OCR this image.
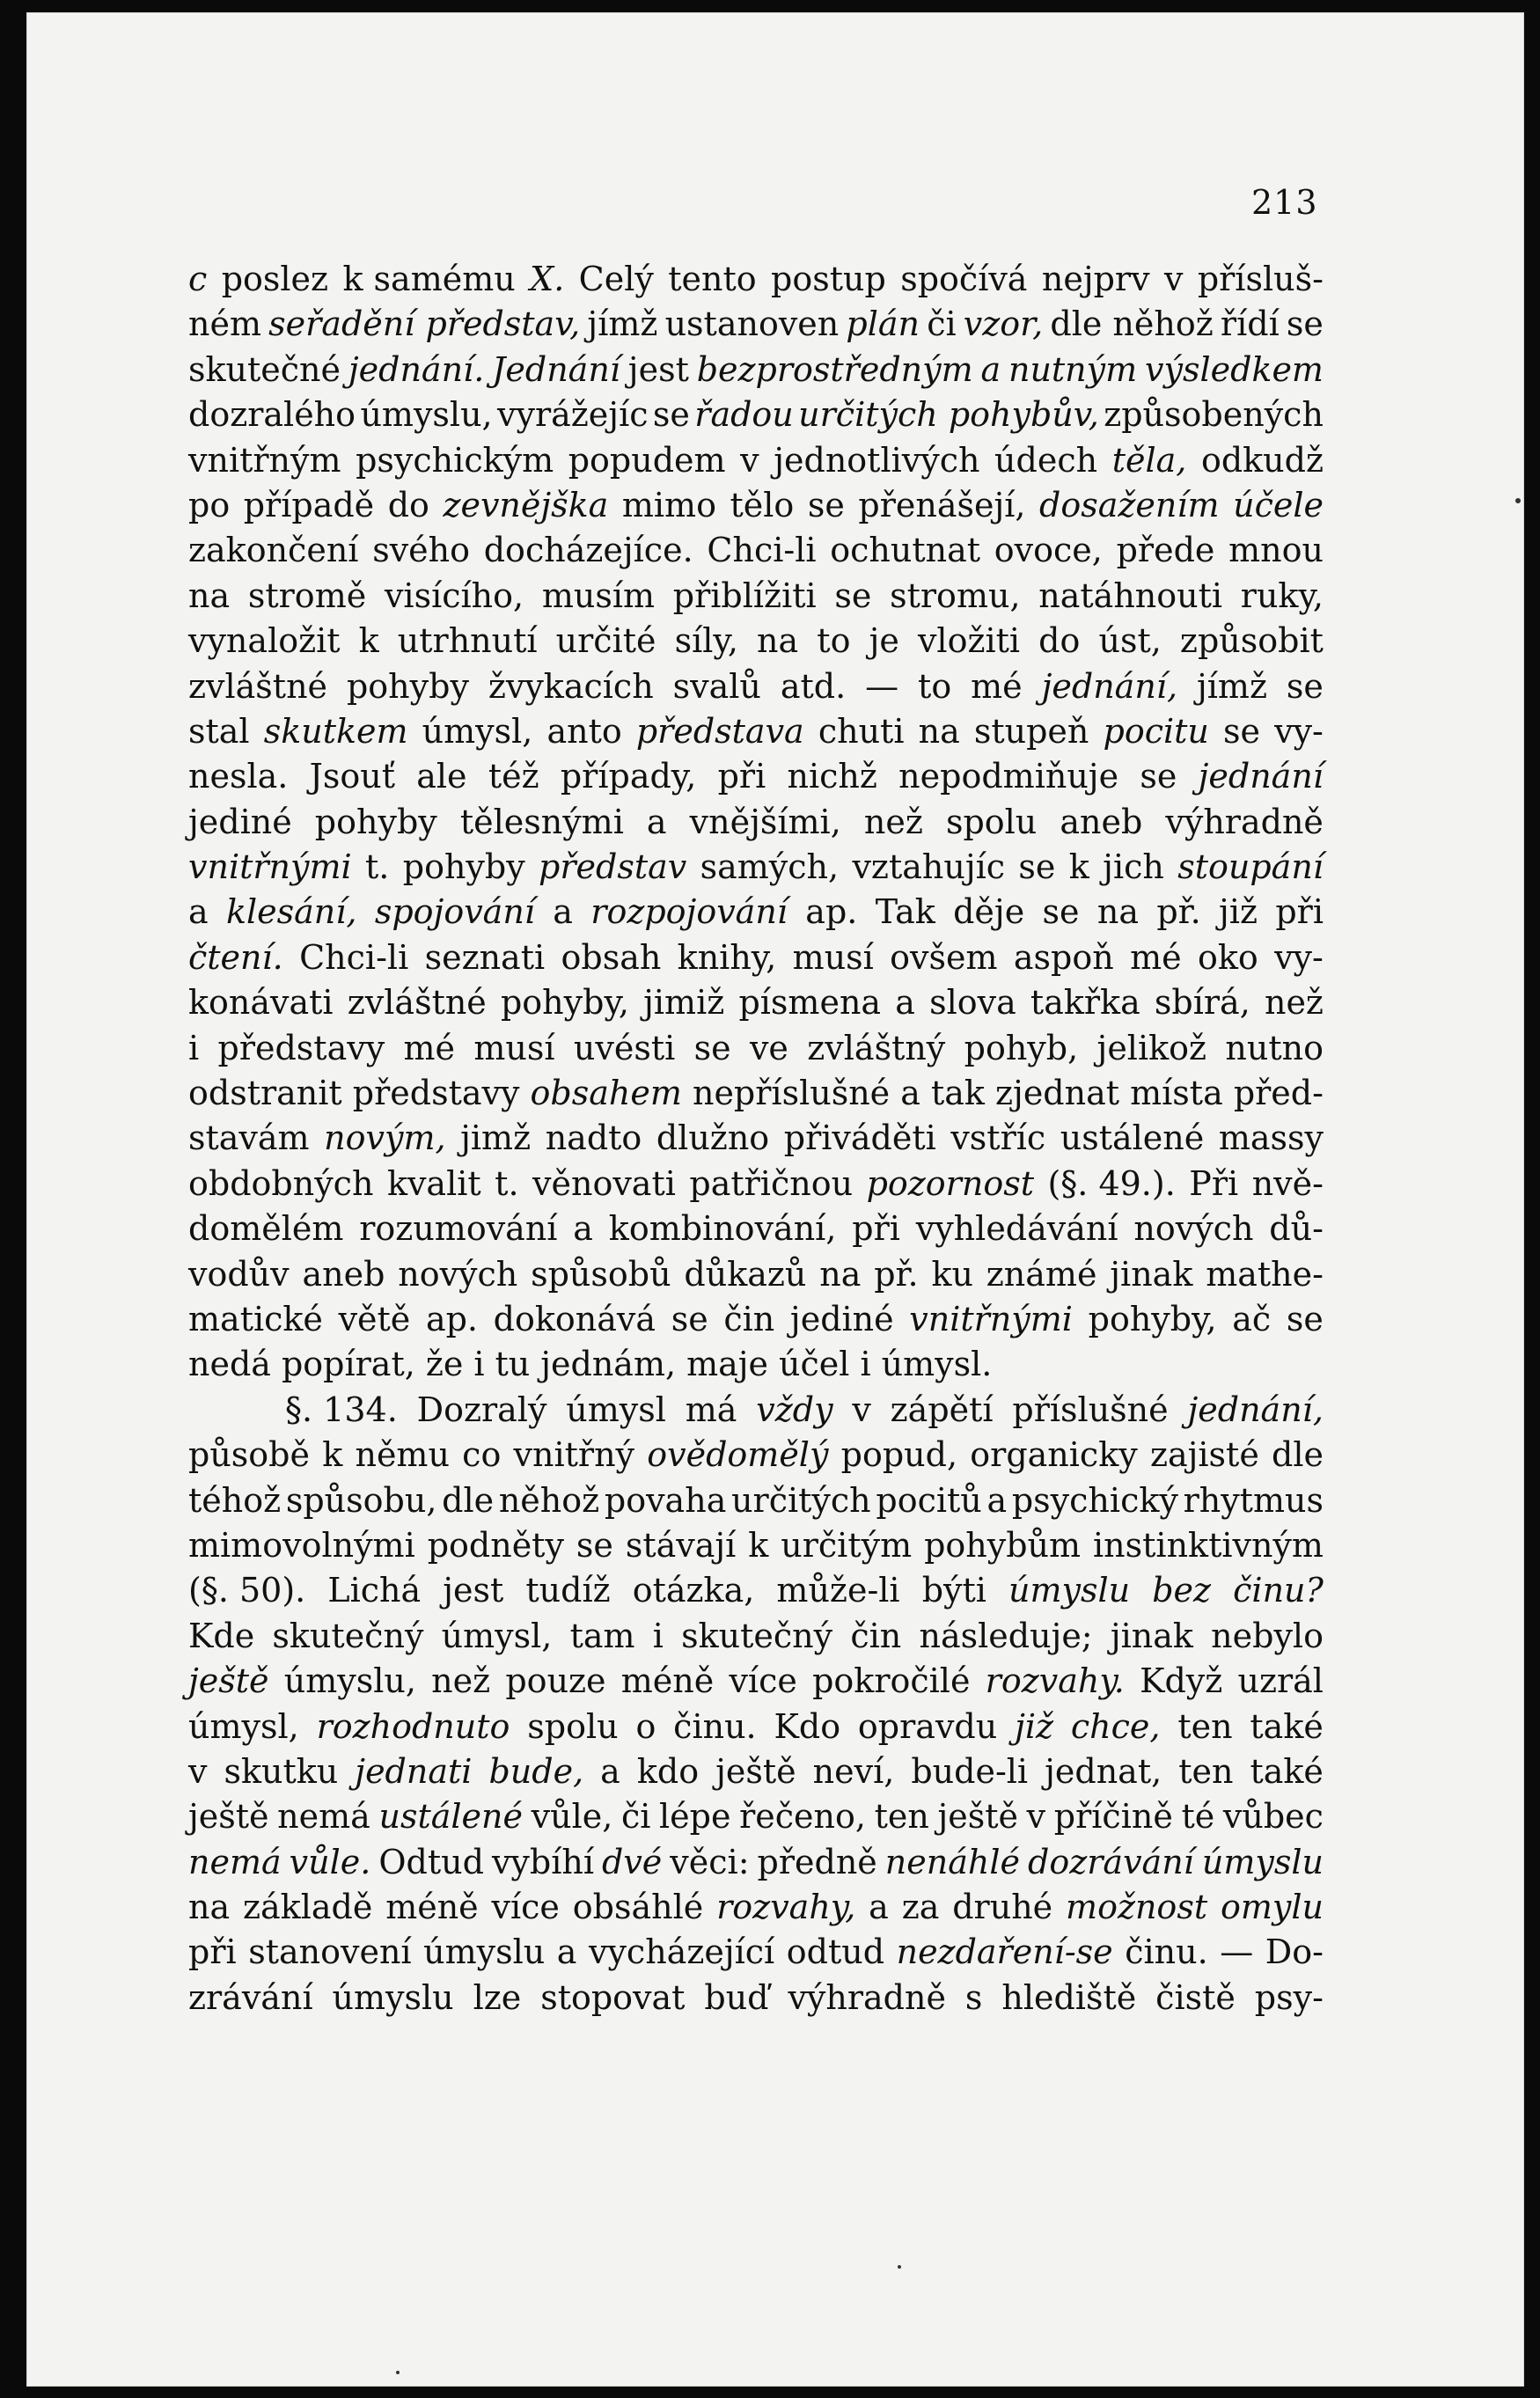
213
c poslez k samému X. Celý tento postup spočívá nejprv v přísluš-
ném seřadění představ, jímž ustanoven plán či vzor, dle něhož řídí se
skutečné jednání. Jednání jest bezprostředným a nutným výsledkem
dozralého úmyslu, vyrážejíc se řadou určitých pohybův, způsobených
vnitřným psychickým popudem v jednotlivých údech těla, odkudž
po případě do zevnějška mimo tělo se přenášejí, dosažením účele
zakončení svého docházejíce. Chci-li ochutnat ovoce, přede mnou
na stromě visícího, musím přiblížiti se stromu, natáhnouti ruky,
vynaložit k utrhnutí určité síly, na to je vložiti do úst, způsobit
zvláštné pohyby žvykacích svalů atd. — to mé jednání, jímž se
stal skutkem úmysl, anto představa chuti na stupeň pocitu se vy-
nesla. Jsouť ale též případy, při nichž nepodmiňuje se jednání
jediné pohyby tělesnými a vnějšími, než spolu aneb výhradně
vnitřnými t. pohyby představ samých, vztahujíc se k jich stoupání
a klesání, spojování a rozpojování ap. Tak děje se na př. již při
čtení. Chci-li seznati obsah knihy, musí ovšem aspoň mé oko vy-
konávati zvláštné pohyby, jimiž písmena a slova takřka sbírá, než
i představy mé musí uvésti se ve zvláštný pohyb, jelikož nutno
odstranit představy obsahem nepříslušné a tak zjednat místa před-
stavám novým, jimž nadto dlužno přiváděti vstříc ustálené massy
obdobných kvalit t. věnovati patřičnou pozornost (§. 49.). Při nvě-
domělém rozumování a kombinování, při vyhledávání nových dů-
vodův aneb nových spůsobů důkazů na př. ku známé jinak mathe-
matické větě ap. dokonává se čin jediné vnitřnými pohyby, ač se
nedá popírat, že i tu jednám, maje účel i úmysl.
§. 134. Dozralý úmysl má vždy v zápětí příslušné jednání,
působě k němu co vnitřný ovědomělý popud, organicky zajisté dle
téhož spůsobu, dle něhož povaha určitých pocitů a psychický rhytmus
mimovolnými podněty se stávají k určitým pohybům instinktivným
(§. 50). Lichá jest tudíž otázka, může-li býti úmyslu bez činu?
Kde skutečný úmysl, tam i skutečný čin následuje; jinak nebylo
ještě úmyslu, než pouze méně více pokročilé rozvahy. Když uzrál
úmysl, rozhodnuto spolu o činu. Kdo opravdu již chce, ten také
v skutku jednati bude, a kdo ještě neví, bude-li jednat, ten také
ještě nemá ustálené vůle, či lépe řečeno, ten ještě v příčině té vůbec
nemá vůle. Odtud vybíhí dvé věci: předně nenáhlé dozrávání úmyslu
na základě méně více obsáhlé rozvahy, a za druhé možnost omylu
při stanovení úmyslu a vycházející odtud nezdaření-se činu. — Do-
zrávání úmyslu lze stopovat buď výhradně s hlediště čistě psy-
